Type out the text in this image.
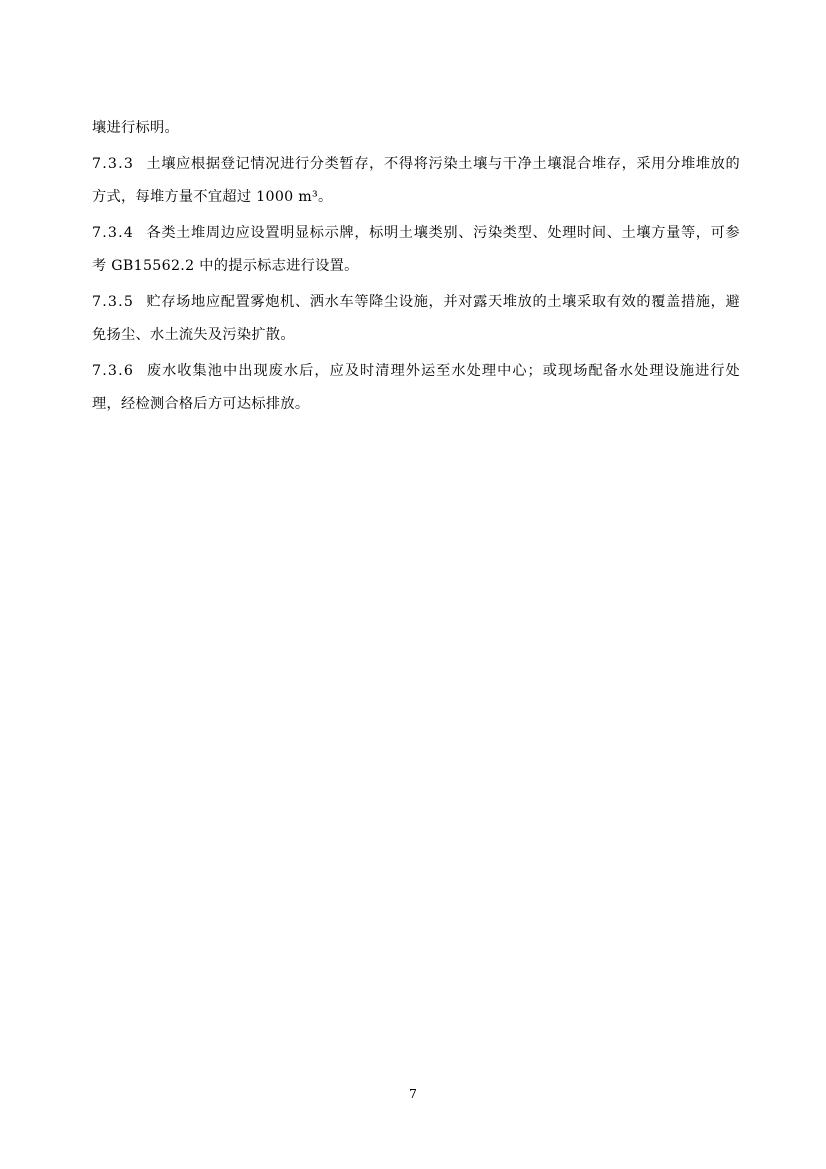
壤进行标明。

7.3.3 土壤应根据登记情况进行分类暂存，不得将污染土壤与干净土壤混合堆存，采用分堆堆放的方式，每堆方量不宜超过 1000 m³。

7.3.4 各类土堆周边应设置明显标示牌，标明土壤类别、污染类型、处理时间、土壤方量等，可参考 GB15562.2 中的提示标志进行设置。

7.3.5 贮存场地应配置雾炮机、洒水车等降尘设施，并对露天堆放的土壤采取有效的覆盖措施，避免扬尘、水土流失及污染扩散。

7.3.6 废水收集池中出现废水后，应及时清理外运至水处理中心；或现场配备水处理设施进行处理，经检测合格后方可达标排放。

7
